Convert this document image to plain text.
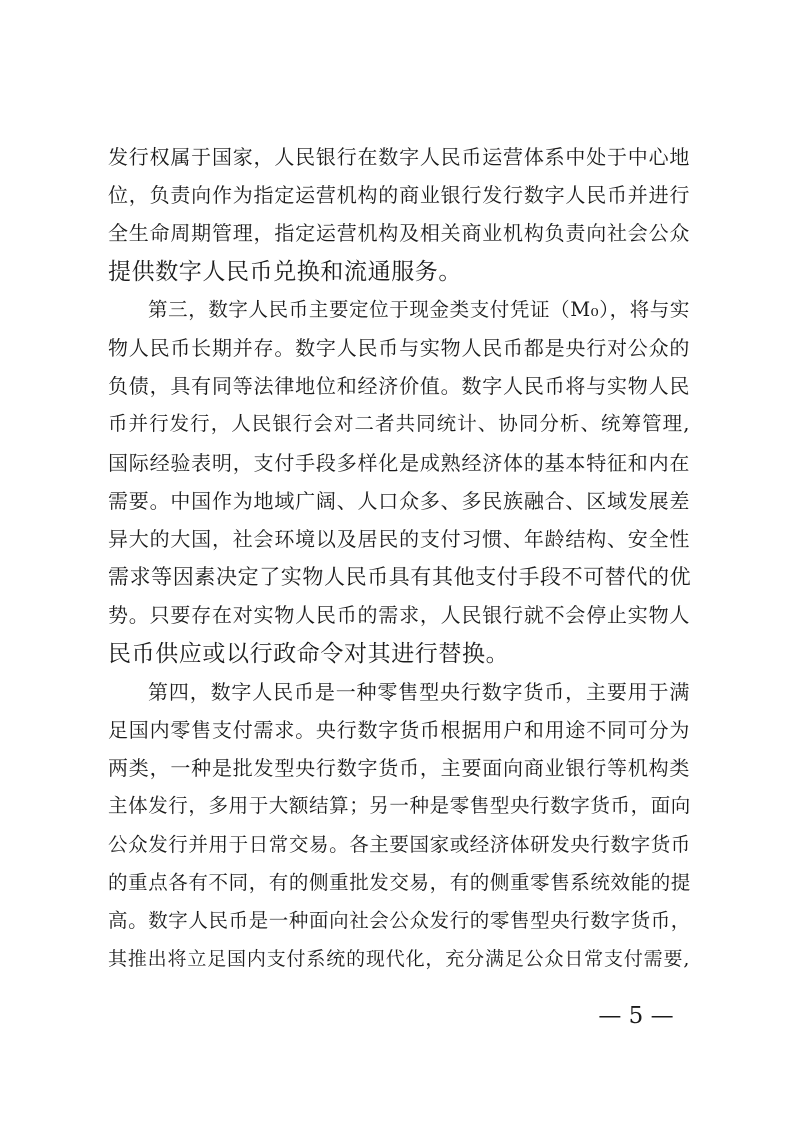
发行权属于国家，人民银行在数字人民币运营体系中处于中心地
位，负责向作为指定运营机构的商业银行发行数字人民币并进行
全生命周期管理，指定运营机构及相关商业机构负责向社会公众
提供数字人民币兑换和流通服务。
第三，数字人民币主要定位于现金类支付凭证（M₀），将与实
物人民币长期并存。数字人民币与实物人民币都是央行对公众的
负债，具有同等法律地位和经济价值。数字人民币将与实物人民
币并行发行，人民银行会对二者共同统计、协同分析、统筹管理,
国际经验表明，支付手段多样化是成熟经济体的基本特征和内在
需要。中国作为地域广阔、人口众多、多民族融合、区域发展差
异大的大国，社会环境以及居民的支付习惯、年龄结构、安全性
需求等因素决定了实物人民币具有其他支付手段不可替代的优
势。只要存在对实物人民币的需求，人民银行就不会停止实物人
民币供应或以行政命令对其进行替换。
第四，数字人民币是一种零售型央行数字货币，主要用于满
足国内零售支付需求。央行数字货币根据用户和用途不同可分为
两类，一种是批发型央行数字货币，主要面向商业银行等机构类
主体发行，多用于大额结算；另一种是零售型央行数字货币，面向
公众发行并用于日常交易。各主要国家或经济体研发央行数字货币
的重点各有不同，有的侧重批发交易，有的侧重零售系统效能的提
高。数字人民币是一种面向社会公众发行的零售型央行数字货币，
其推出将立足国内支付系统的现代化，充分满足公众日常支付需要,
— 5 —
